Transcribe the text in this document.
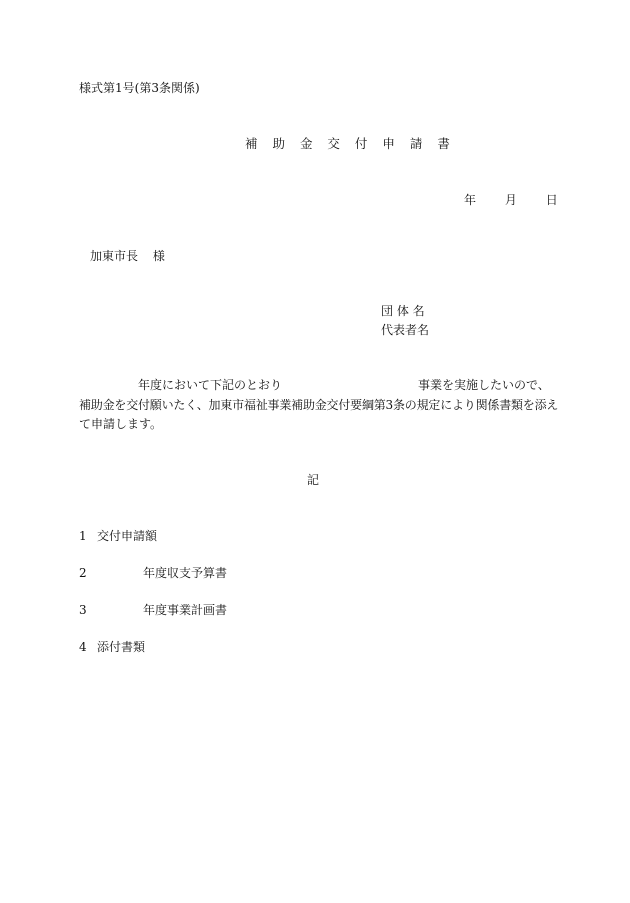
様式第1号(第3条関係)
補 助 金 交 付 申 請 書
年 月 日
加東市長 様
団 体 名
代表者名
年度において下記のとおり	事業を実施したいので、
補助金を交付願いたく、加東市福祉事業補助金交付要綱第3条の規定により関係書類を添え
て申請します。
記
1 交付申請額
2	年度収支予算書
3	年度事業計画書
4 添付書類
